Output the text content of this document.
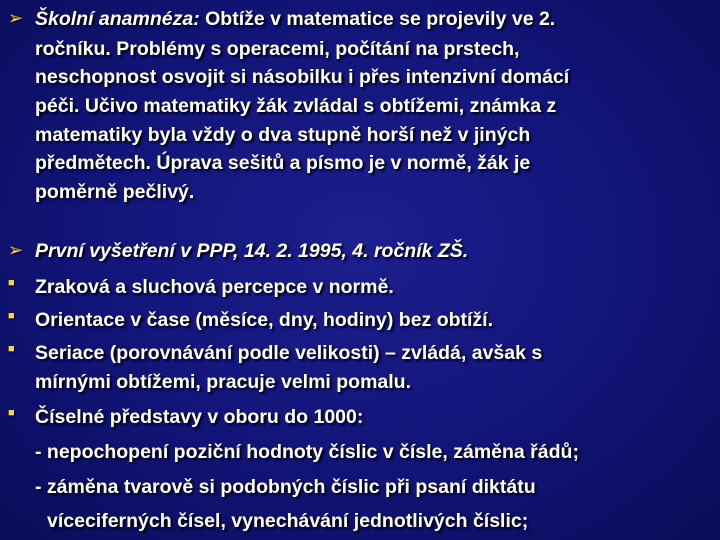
➢ Školní anamnéza: Obtíže v matematice se projevily ve 2.
ročníku. Problémy s operacemi, počítání na prstech,
neschopnost osvojit si násobilku i přes intenzivní domácí
péči. Učivo matematiky žák zvládal s obtížemi, známka z
matematiky byla vždy o dva stupně horší než v jiných
předmětech. Úprava sešitů a písmo je v normě, žák je
poměrně pečlivý.
➢ První vyšetření v PPP, 14. 2. 1995, 4. ročník ZŠ.
■ Zraková a sluchová percepce v normě.
■ Orientace v čase (měsíce, dny, hodiny) bez obtíží.
■ Seriace (porovnávání podle velikosti) – zvládá, avšak s
mírnými obtížemi, pracuje velmi pomalu.
■ Číselné představy v oboru do 1000:
- nepochopení poziční hodnoty číslic v čísle, záměna řádů;
- záměna tvarově si podobných číslic při psaní diktátu
víceciferných čísel, vynechávání jednotlivých číslic;
